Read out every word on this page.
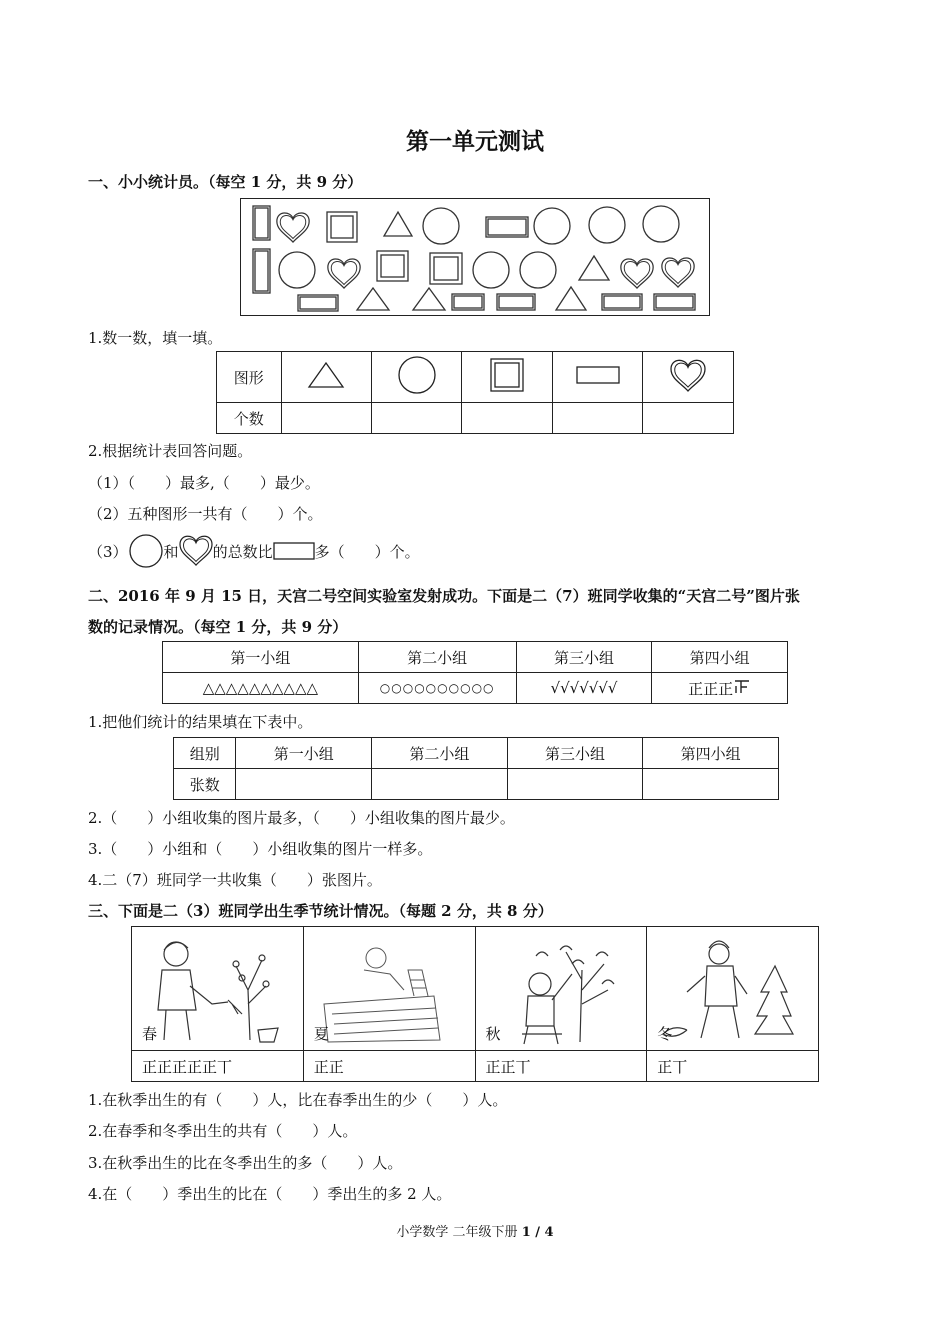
第一单元测试
一、小小统计员。（每空 1 分，共 9 分）
1.数一数，填一填。
图形					
个数					
2.根据统计表回答问题。
（1）（　　）最多,（　　）最少。
（2）五种图形一共有（　　）个。
（3） 和 的总数比	多（　　）个。
二、2016 年 9 月 15 日，天宫二号空间实验室发射成功。下面是二（7）班同学收集的“天宫二号”图片张
数的记录情况。（每空 1 分，共 9 分）
第一小组	第二小组	第三小组	第四小组
△△△△△△△△△△	○○○○○○○○○○	√√√√√√√	正正正
1.把他们统计的结果填在下表中。
组别	第一小组	第二小组	第三小组	第四小组
张数				
2.（　　）小组收集的图片最多，（　　）小组收集的图片最少。
3.（　　）小组和（　　）小组收集的图片一样多。
4.二（7）班同学一共收集（　　）张图片。
三、下面是二（3）班同学出生季节统计情况。（每题 2 分，共 8 分）
春	夏	秋	冬

正正正正正丅	正正	正正丅	正丅
1.在秋季出生的有（　　）人，比在春季出生的少（　　）人。
2.在春季和冬季出生的共有（　　）人。
3.在秋季出生的比在冬季出生的多（　　）人。
4.在（　　）季出生的比在（　　）季出生的多 2 人。
小学数学 二年级下册 1 / 4
